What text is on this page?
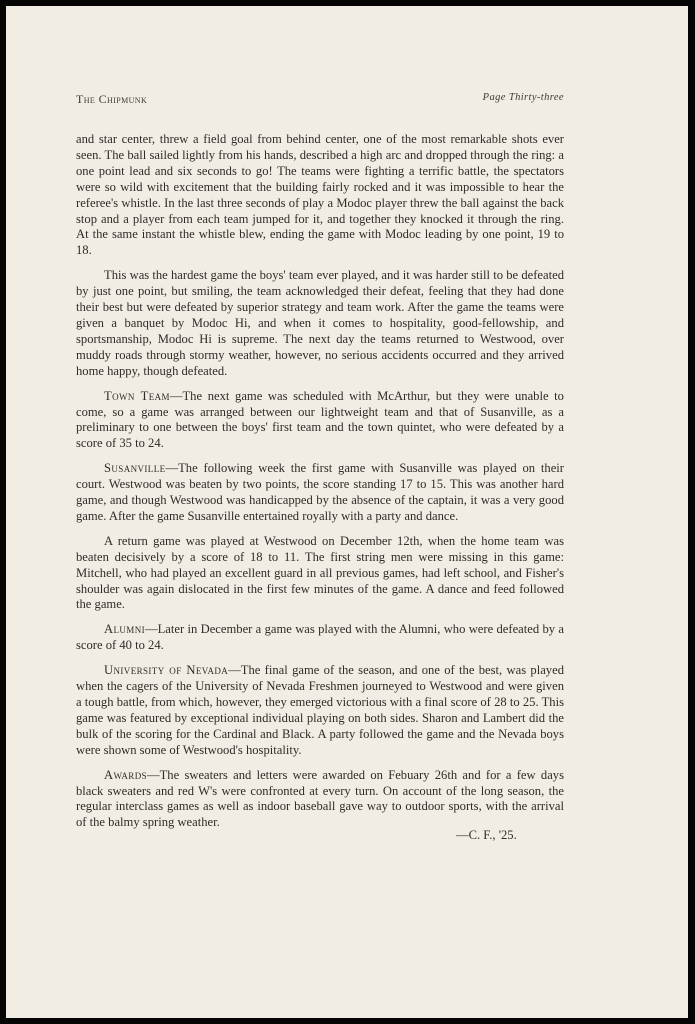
The Chipmunk	Page Thirty-three

and star center, threw a field goal from behind center, one of the most remarkable shots ever seen. The ball sailed lightly from his hands, described a high arc and dropped through the ring: a one point lead and six seconds to go! The teams were fighting a terrific battle, the spectators were so wild with excitement that the building fairly rocked and it was impossible to hear the referee's whistle. In the last three seconds of play a Modoc player threw the ball against the back stop and a player from each team jumped for it, and together they knocked it through the ring. At the same instant the whistle blew, ending the game with Modoc leading by one point, 19 to 18.

This was the hardest game the boys' team ever played, and it was harder still to be defeated by just one point, but smiling, the team acknowledged their defeat, feeling that they had done their best but were defeated by superior strategy and team work. After the game the teams were given a banquet by Modoc Hi, and when it comes to hospitality, good-fellowship, and sportsmanship, Modoc Hi is supreme. The next day the teams returned to Westwood, over muddy roads through stormy weather, however, no serious accidents occurred and they arrived home happy, though defeated.

Town Team—The next game was scheduled with McArthur, but they were unable to come, so a game was arranged between our lightweight team and that of Susanville, as a preliminary to one between the boys' first team and the town quintet, who were defeated by a score of 35 to 24.

Susanville—The following week the first game with Susanville was played on their court. Westwood was beaten by two points, the score standing 17 to 15. This was another hard game, and though Westwood was handicapped by the absence of the captain, it was a very good game. After the game Susanville entertained royally with a party and dance.

A return game was played at Westwood on December 12th, when the home team was beaten decisively by a score of 18 to 11. The first string men were missing in this game: Mitchell, who had played an excellent guard in all previous games, had left school, and Fisher's shoulder was again dislocated in the first few minutes of the game. A dance and feed followed the game.

Alumni—Later in December a game was played with the Alumni, who were defeated by a score of 40 to 24.

University of Nevada—The final game of the season, and one of the best, was played when the cagers of the University of Nevada Freshmen journeyed to Westwood and were given a tough battle, from which, however, they emerged victorious with a final score of 28 to 25. This game was featured by exceptional individual playing on both sides. Sharon and Lambert did the bulk of the scoring for the Cardinal and Black. A party followed the game and the Nevada boys were shown some of Westwood's hospitality.

Awards—The sweaters and letters were awarded on Febuary 26th and for a few days black sweaters and red W's were confronted at every turn. On account of the long season, the regular interclass games as well as indoor baseball gave way to outdoor sports, with the arrival of the balmy spring weather.

—C. F., '25.
